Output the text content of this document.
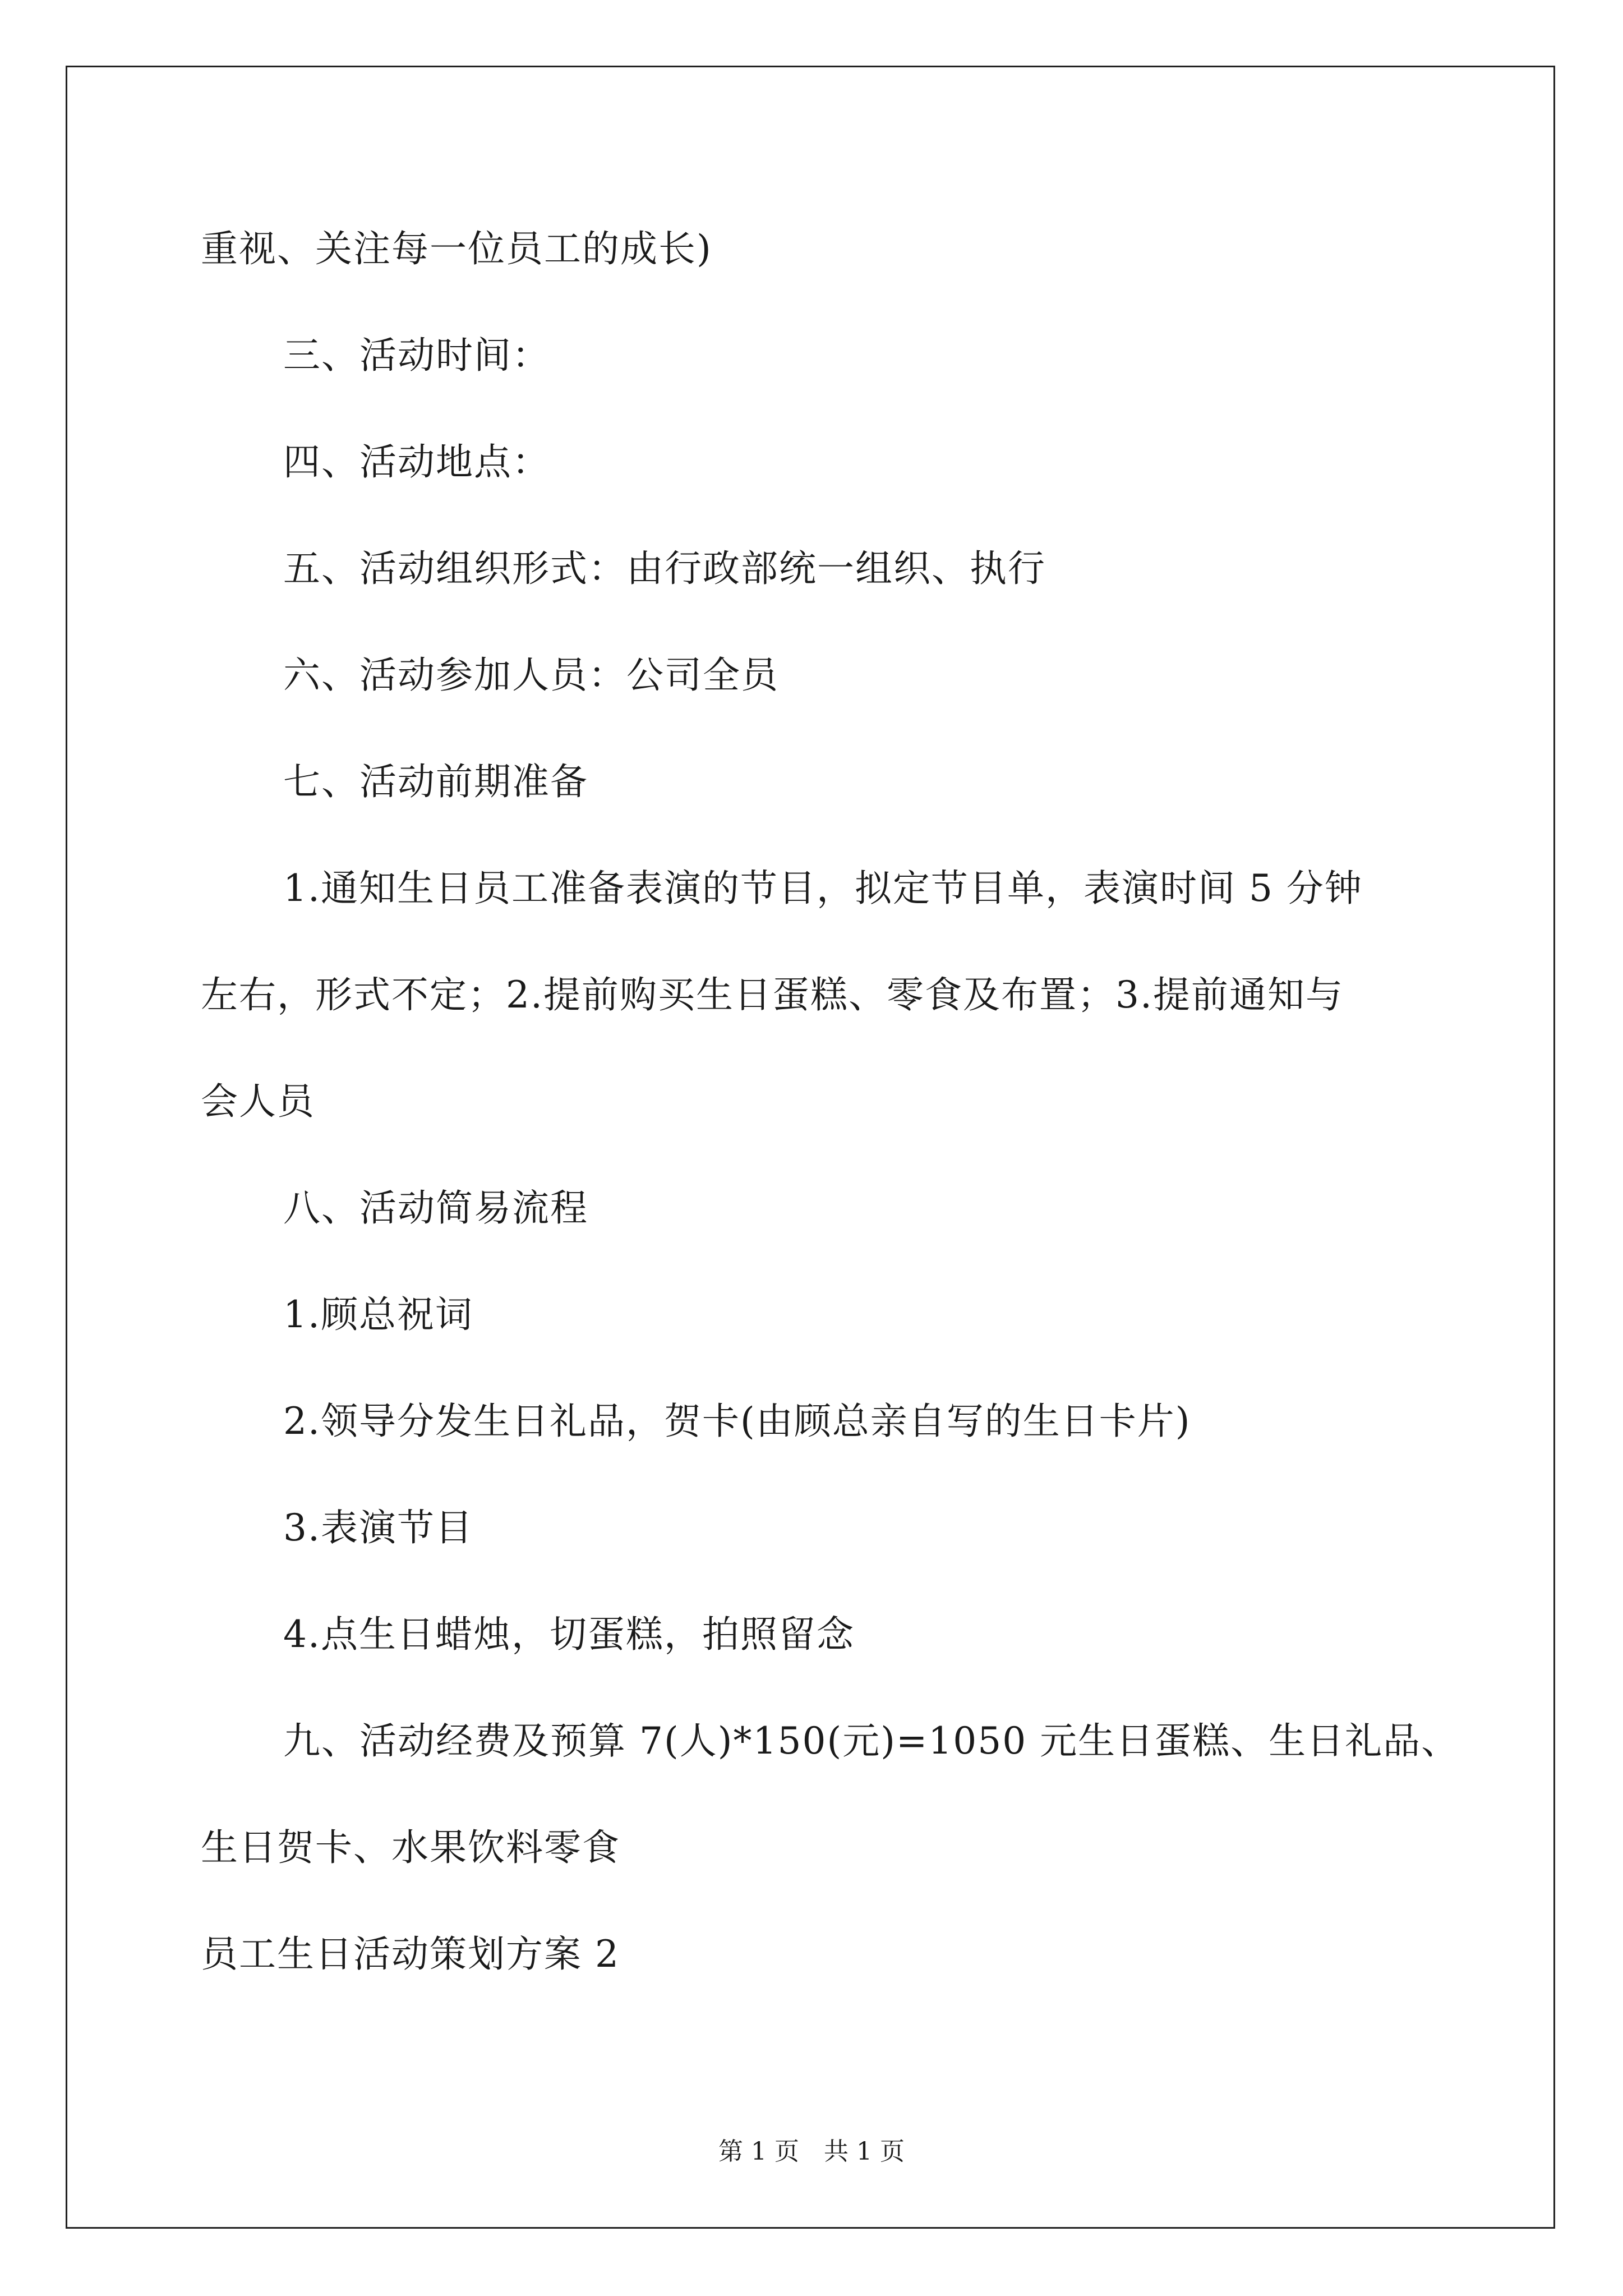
重视、关注每一位员工的成长)

三、活动时间：

四、活动地点：

五、活动组织形式：由行政部统一组织、执行

六、活动参加人员：公司全员

七、活动前期准备

1.通知生日员工准备表演的节目，拟定节目单，表演时间 5 分钟

左右，形式不定；2.提前购买生日蛋糕、零食及布置；3.提前通知与

会人员

八、活动简易流程

1.顾总祝词

2.领导分发生日礼品，贺卡(由顾总亲自写的生日卡片)

3.表演节目

4.点生日蜡烛，切蛋糕，拍照留念

九、活动经费及预算 7(人)*150(元)=1050 元生日蛋糕、生日礼品、

生日贺卡、水果饮料零食

员工生日活动策划方案 2

第 1 页　共 1 页
